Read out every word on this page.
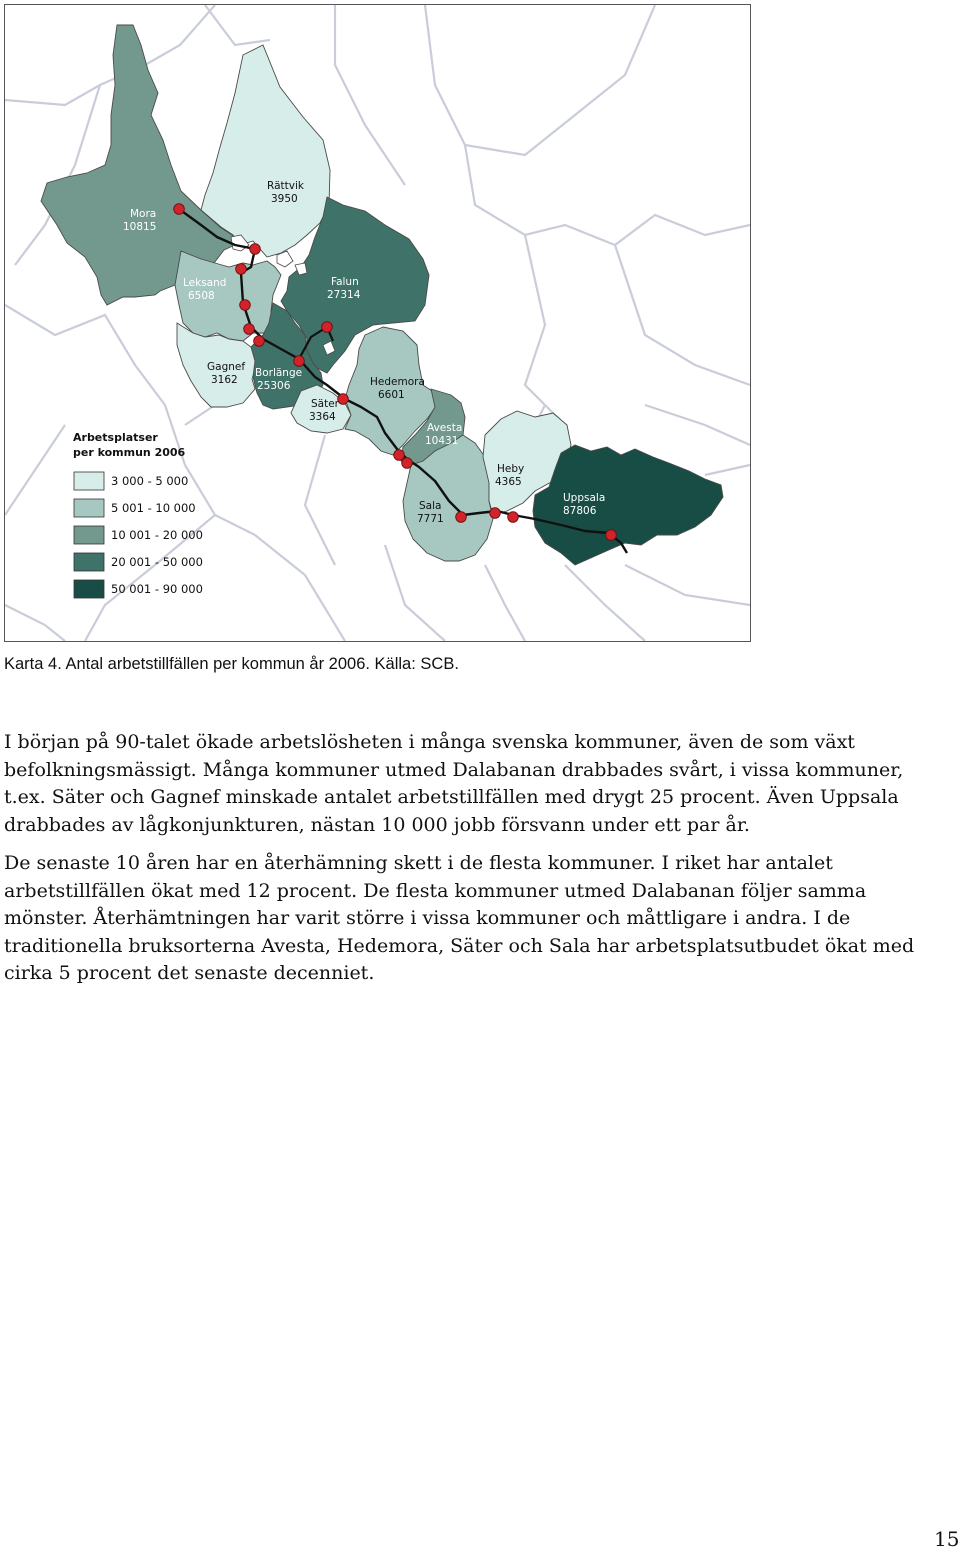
Mora
10815
Rättvik
3950
Leksand
6508
Falun
27314
Gagnef
3162
Borlänge
25306
Säter
3364
Hedemora
6601
Avesta
10431
Heby
4365
Sala
7771
Uppsala
87806
Arbetsplatser
per kommun 2006
3 000 - 5 000
5 001 - 10 000
10 001 - 20 000
20 001 - 50 000
50 001 - 90 000

Karta 4. Antal arbetstillfällen per kommun år 2006. Källa: SCB.

I början på 90-talet ökade arbetslösheten i många svenska kommuner, även de som växt befolkningsmässigt. Många kommuner utmed Dalabanan drabbades svårt, i vissa kommuner, t.ex. Säter och Gagnef minskade antalet arbetstillfällen med drygt 25 procent. Även Uppsala drabbades av lågkonjunkturen, nästan 10 000 jobb försvann under ett par år.

De senaste 10 åren har en återhämning skett i de flesta kommuner. I riket har antalet arbetstillfällen ökat med 12 procent. De flesta kommuner utmed Dalabanan följer samma mönster. Återhämtningen har varit större i vissa kommuner och måttligare i andra. I de traditionella bruksorterna Avesta, Hedemora, Säter och Sala har arbetsplatsutbudet ökat med cirka 5 procent det senaste decenniet.

15
